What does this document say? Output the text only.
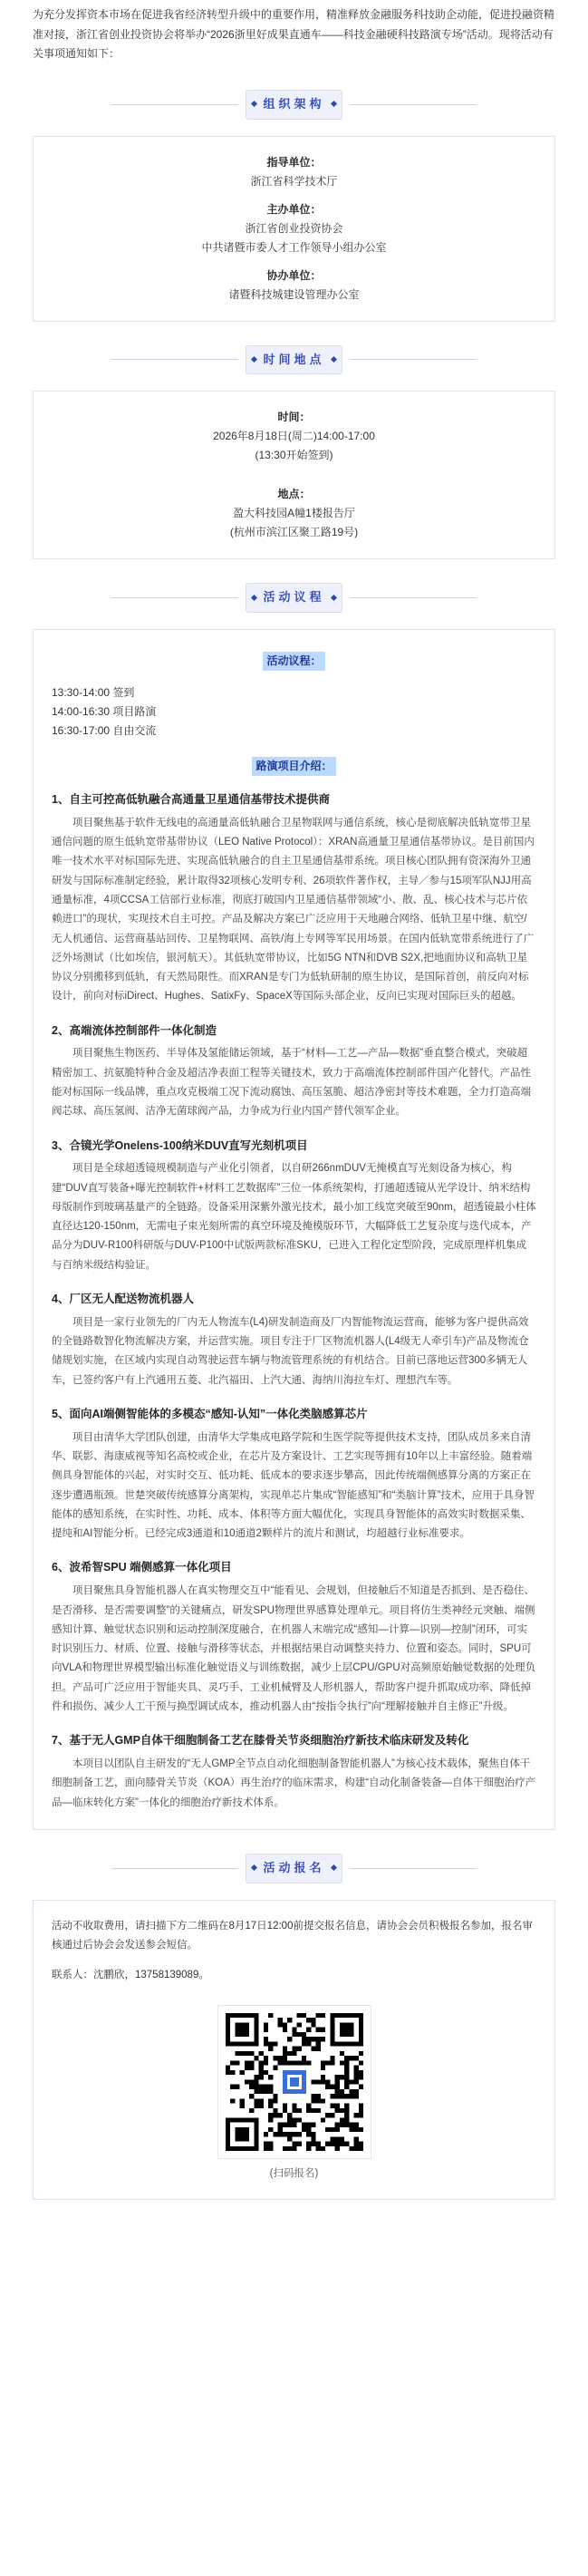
为充分发挥资本市场在促进我省经济转型升级中的重要作用，精准释放金融服务科技助企动能，促进投融资精准对接，浙江省创业投资协会将举办“2026浙里好成果直通车——科技金融硬科技路演专场”活动。现将活动有关事项通知如下：

组织架构
指导单位：
浙江省科学技术厅
主办单位：
浙江省创业投资协会
中共诸暨市委人才工作领导小组办公室
协办单位：
诸暨科技城建设管理办公室
时间地点
时间：
2026年8月18日(周二)14:00-17:00
(13:30开始签到)
地点：
盈大科技园A幢1楼报告厅
(杭州市滨江区聚工路19号)
活动议程
活动议程：
13:30-14:00 签到
14:00-16:30 项目路演
16:30-17:00 自由交流
路演项目介绍：
1、自主可控高低轨融合高通量卫星通信基带技术提供商

项目聚焦基于软件无线电的高通量高低轨融合卫星物联网与通信系统，核心是彻底解决低轨宽带卫星通信问题的原生低轨宽带基带协议（LEO Native Protocol）：XRAN高通量卫星通信基带协议。是目前国内唯一技术水平对标国际先进、实现高低轨融合的自主卫星通信基带系统。项目核心团队拥有资深海外卫通研发与国际标准制定经验，累计取得32项核心发明专利、26项软件著作权，主导／参与15项军队NJJ用高通量标准，4项CCSA工信部行业标准，彻底打破国内卫星通信基带领域“小、散、乱、核心技术与芯片依赖进口”的现状，实现技术自主可控。产品及解决方案已广泛应用于天地融合网络、低轨卫星中继、航空/无人机通信、运营商基站回传、卫星物联网、高铁/海上专网等军民用场景。在国内低轨宽带系统进行了广泛外场测试（比如埃信，银河航天）。其低轨宽带协议，比如5G NTN和DVB S2X,把地面协议和高轨卫星协议分别搬移到低轨，有天然局限性。而XRAN是专门为低轨研制的原生协议，是国际首创，前反向对标设计，前向对标iDirect、Hughes、SatixFy、SpaceX等国际头部企业，反向已实现对国际巨头的超越。

2、高端流体控制部件一体化制造

项目聚焦生物医药、半导体及氢能储运领域，基于“材料—工艺—产品—数据”垂直整合模式，突破超精密加工、抗氨脆特种合金及超洁净表面工程等关键技术，致力于高端流体控制部件国产化替代。产品性能对标国际一线品牌，重点攻克极端工况下流动腐蚀、高压氢脆、超洁净密封等技术难题，全力打造高端阀芯球、高压氢阀、洁净无菌球阀产品，力争成为行业内国产替代领军企业。

3、合镜光学Onelens-100纳米DUV直写光刻机项目

项目是全球超透镜规模制造与产业化引领者，以自研266nmDUV无掩模直写光刻设备为核心，构建“DUV直写装备+曝光控制软件+材料工艺数据库”三位一体系统架构，打通超透镜从光学设计、纳米结构母版制作到玻璃基量产的全链路。设备采用深紫外激光技术，最小加工线宽突破至90nm，超透镜最小柱体直径达120-150nm，无需电子束光刻所需的真空环境及掩模版环节，大幅降低工艺复杂度与迭代成本，产品分为DUV-R100科研版与DUV-P100中试版两款标准SKU，已进入工程化定型阶段，完成原理样机集成与百纳米级结构验证。

4、厂区无人配送物流机器人

项目是一家行业领先的厂内无人物流车(L4)研发制造商及厂内智能物流运营商，能够为客户提供高效的全链路数智化物流解决方案，并运营实施。项目专注于厂区物流机器人(L4级无人牵引车)产品及物流仓储规划实施，在区域内实现自动驾驶运营车辆与物流管理系统的有机结合。目前已落地运营300多辆无人车，已签约客户有上汽通用五菱、北汽福田、上汽大通、海纳川海拉车灯、理想汽车等。

5、面向AI端侧智能体的多模态“感知-认知”一体化类脑感算芯片

项目由清华大学团队创建，由清华大学集成电路学院和生医学院等提供技术支持，团队成员多来自清华、联影、海康威视等知名高校或企业，在芯片及方案设计、工艺实现等拥有10年以上丰富经验。随着端侧具身智能体的兴起，对实时交互、低功耗、低成本的要求逐步攀高，因此传统端侧感算分离的方案正在逐步遭遇瓶颈。世楚突破传统感算分离架构，实现单芯片集成“智能感知”和“类脑计算”技术，应用于具身智能体的感知系统，在实时性、功耗、成本、体积等方面大幅优化，实现具身智能体的高效实时数据采集、提纯和AI智能分析。已经完成3通道和10通道2颗样片的流片和测试，均超越行业标准要求。

6、波希智SPU 端侧感算一体化项目

项目聚焦具身智能机器人在真实物理交互中“能看见、会规划，但接触后不知道是否抓到、是否稳住、是否滑移、是否需要调整”的关键痛点，研发SPU物理世界感算处理单元。项目将仿生类神经元突触、端侧感知计算、触觉状态识别和运动控制深度融合，在机器人末端完成“感知—计算—识别—控制”闭环，可实时识别压力、材质、位置、接触与滑移等状态，并根据结果自动调整夹持力、位置和姿态。同时，SPU可向VLA和物理世界模型输出标准化触觉语义与训练数据，减少上层CPU/GPU对高频原始触觉数据的处理负担。产品可广泛应用于智能夹具、灵巧手、工业机械臂及人形机器人，帮助客户提升抓取成功率、降低掉件和损伤、减少人工干预与换型调试成本，推动机器人由“按指令执行”向“理解接触并自主修正”升级。

7、基于无人GMP自体干细胞制备工艺在膝骨关节炎细胞治疗新技术临床研发及转化

本项目以团队自主研发的“无人GMP全节点自动化细胞制备智能机器人”为核心技术载体，聚焦自体干细胞制备工艺，面向膝骨关节炎（KOA）再生治疗的临床需求，构建“自动化制备装备—自体干细胞治疗产品—临床转化方案”一体化的细胞治疗新技术体系。

活动报名

活动不收取费用，请扫描下方二维码在8月17日12:00前提交报名信息，请协会会员积极报名参加，报名审核通过后协会会发送参会短信。

联系人：沈鹏欣，13758139089。

(扫码报名)
